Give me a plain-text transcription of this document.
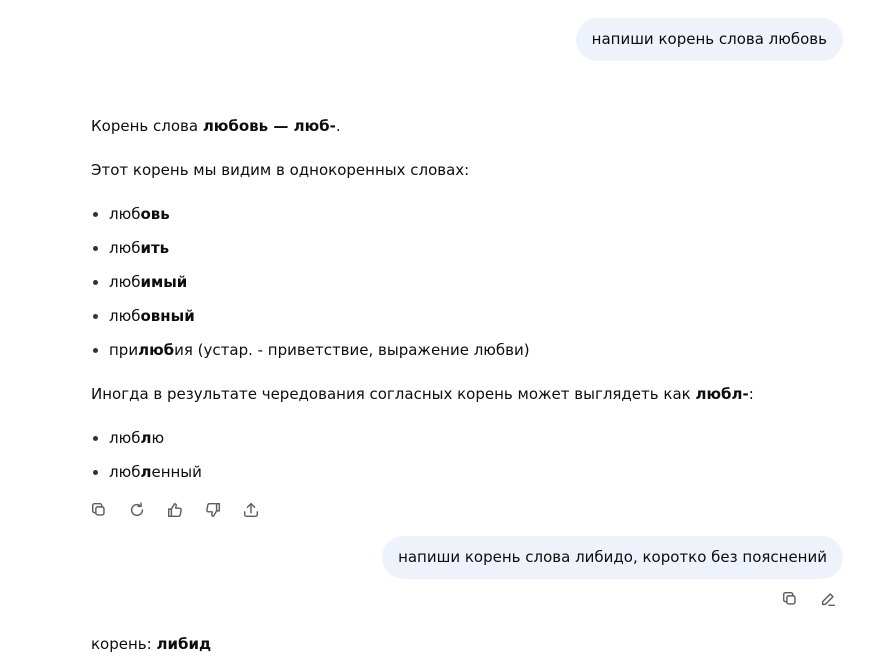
напиши корень слова любовь

Корень слова любовь — люб-.

Этот корень мы видим в однокоренных словах:

любовь
любить
любимый
любовный
прилюбия (устар. - приветствие, выражение любви)

Иногда в результате чередования согласных корень может выглядеть как любл-:

люблю
любленный
напиши корень слова либидо, коротко без пояснений
корень: либид
